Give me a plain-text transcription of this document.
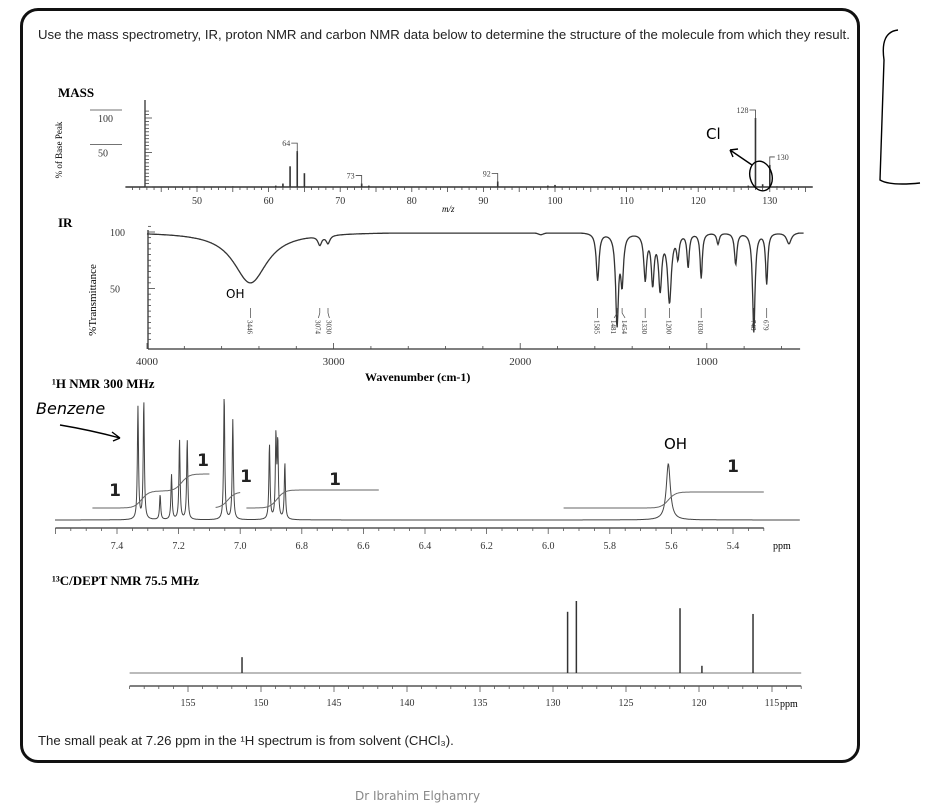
Use the mass spectrometry, IR, proton NMR and carbon NMR data below to determine the structure of the molecule from which they result.
The small peak at 7.26 ppm in the ¹H spectrum is from solvent (CHCl₃).
Dr Ibrahim Elghamry
MASS
IR
¹H NMR 300 MHz
¹³C/DEPT NMR 75.5 MHz
% of Base Peak
m/z
%Transmittance
Wavenumber (cm-1)
ppm
ppm
50	60	70	80	90	100	110	120	130
50
100
64
73	92
128
130
4000	3000	2000	1000
50
100
3446	3074 3030	1585 1481 1454 1330 1200	1030	748 679
7.4	7.2	7.0	6.8	6.6	6.4	6.2	6.0	5.8	5.6	5.4
1
1
1	1
1
155	150	145	140	135	130	125	120	115
Cl
OH
Benzene
OH
